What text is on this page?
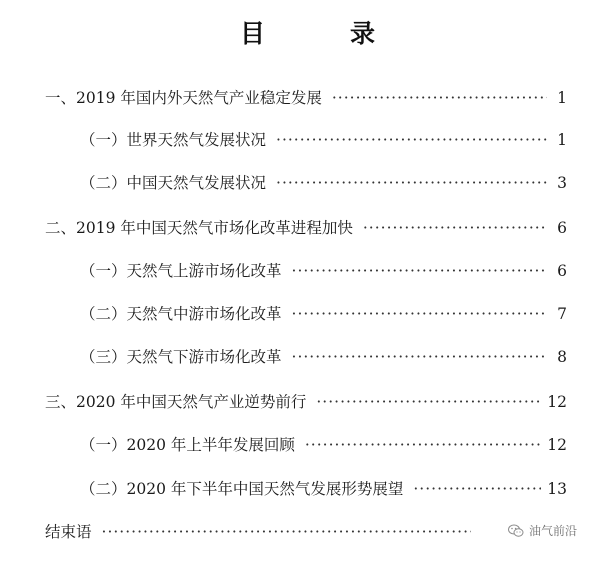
目　录
一、2019 年国内外天然气产业稳定发展 ·····	1
（一）世界天然气发展状况 ·····	1
（二）中国天然气发展状况 ·····	3
二、2019 年中国天然气市场化改革进程加快 ·····	6
（一）天然气上游市场化改革 ·····	6
（二）天然气中游市场化改革 ·····	7
（三）天然气下游市场化改革 ·····	8
三、2020 年中国天然气产业逆势前行 ·····	12
（一）2020 年上半年发展回顾 ·····	12
（二）2020 年下半年中国天然气发展形势展望 ·····	13
结束语 ·····	油气前沿
